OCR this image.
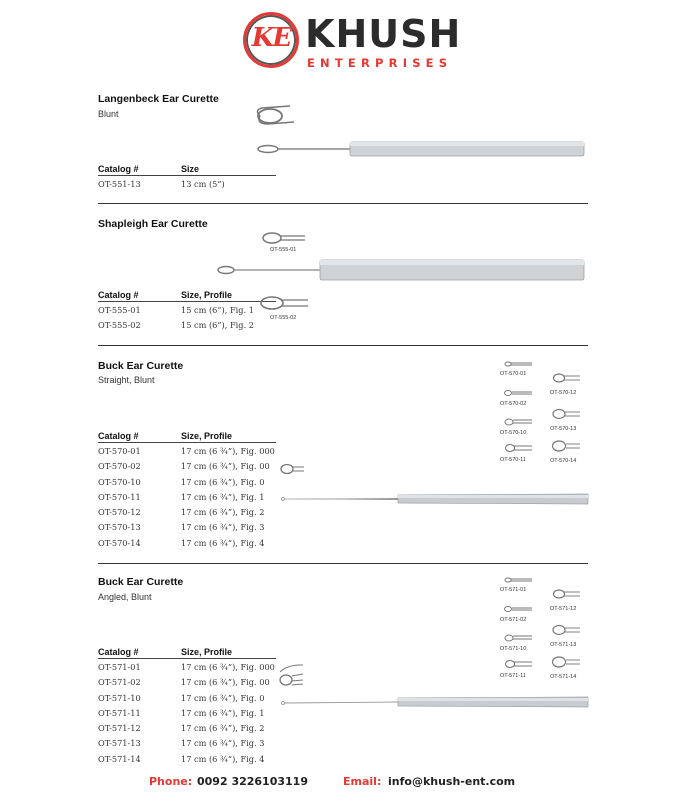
KE KHUSH
ENTERPRISES
Langenbeck Ear Curette
Blunt
Catalog #	Size
OT-551-13	13 cm (5”)
Shapleigh Ear Curette
Catalog #	Size, Profile
OT-555-01	15 cm (6”), Fig. 1
OT-555-02	15 cm (6”), Fig. 2
OT-555-01
OT-555-02
Buck Ear Curette
Straight, Blunt
Catalog #	Size, Profile
OT-570-01	17 cm (6 ¾”), Fig. 000
OT-570-02	17 cm (6 ¾”), Fig. 00
OT-570-10	17 cm (6 ¾”), Fig. 0
OT-570-11	17 cm (6 ¾”), Fig. 1
OT-570-12	17 cm (6 ¾”), Fig. 2
OT-570-13	17 cm (6 ¾”), Fig. 3
OT-570-14	17 cm (6 ¾”), Fig. 4
OT-570-01
OT-570-12
OT-570-02
OT-570-13
OT-570-10
OT-570-14
OT-570-11
Buck Ear Curette
Angled, Blunt
Catalog #	Size, Profile
OT-571-01	17 cm (6 ¾”), Fig. 000
OT-571-02	17 cm (6 ¾”), Fig. 00
OT-571-10	17 cm (6 ¾”), Fig. 0
OT-571-11	17 cm (6 ¾”), Fig. 1
OT-571-12	17 cm (6 ¾”), Fig. 2
OT-571-13	17 cm (6 ¾”), Fig. 3
OT-571-14	17 cm (6 ¾”), Fig. 4
OT-571-01
OT-571-12
OT-571-02
OT-571-13
OT-571-10
OT-571-14
OT-571-11
Phone: 0092 3226103119	Email: info@khush-ent.com
